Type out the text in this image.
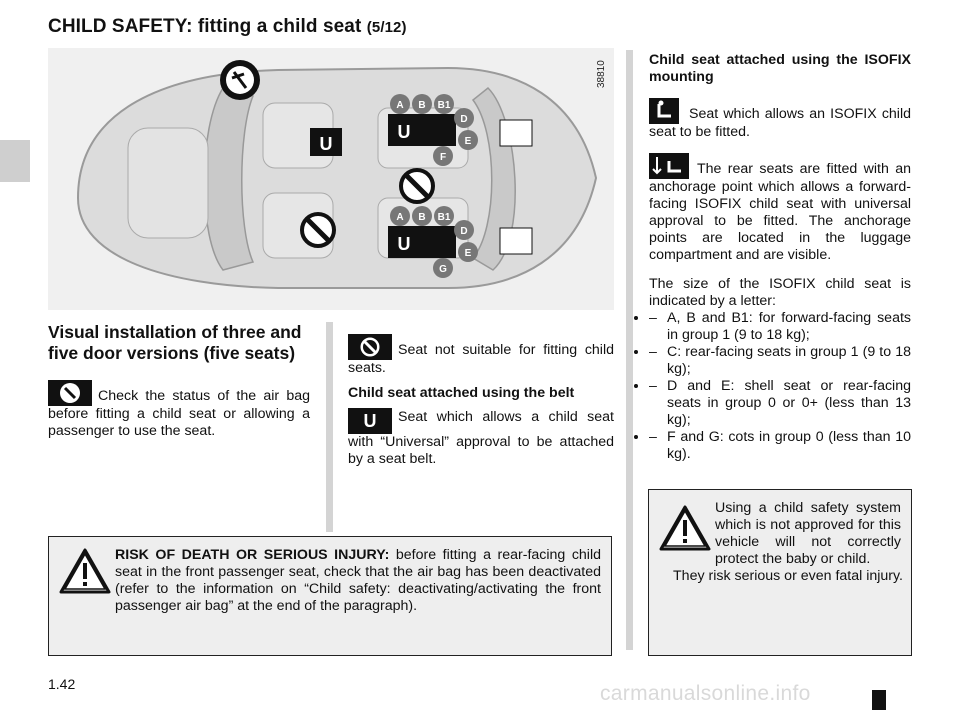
CHILD SAFETY: fitting a child seat (5/12)
38810
U
U
A B B1
D
E
F
U
A B B1
D
E
G
Visual installation of three and five door versions (five seats)
Check the status of the air bag before fitting a child seat or allowing a passenger to use the seat.
Seat not suitable for fitting child seats.
Child seat attached using the belt
U Seat which allows a child seat with “Universal” approval to be attached by a seat belt.
Child seat attached using the ISOFIX mounting
Seat which allows an ISOFIX child seat to be fitted.
The rear seats are fitted with an anchorage point which allows a forward-facing ISOFIX child seat with universal approval to be fitted. The anchorage points are located in the luggage compartment and are visible.
The size of the ISOFIX child seat is indicated by a letter:
• – A, B and B1: for forward-facing seats in group 1 (9 to 18 kg);
• – C: rear-facing seats in group 1 (9 to 18 kg);
• – D and E: shell seat or rear-facing seats in group 0 or 0+ (less than 13 kg);
• – F and G: cots in group 0 (less than 10 kg).
RISK OF DEATH OR SERIOUS INJURY: before fitting a rear-facing child seat in the front passenger seat, check that the air bag has been deactivated (refer to the information on “Child safety: deactivating/activating the front passenger air bag” at the end of the paragraph).
Using a child safety system which is not approved for this vehicle will not correctly protect the baby or child.
They risk serious or even fatal injury.
1.42	carmanualsonline.info
